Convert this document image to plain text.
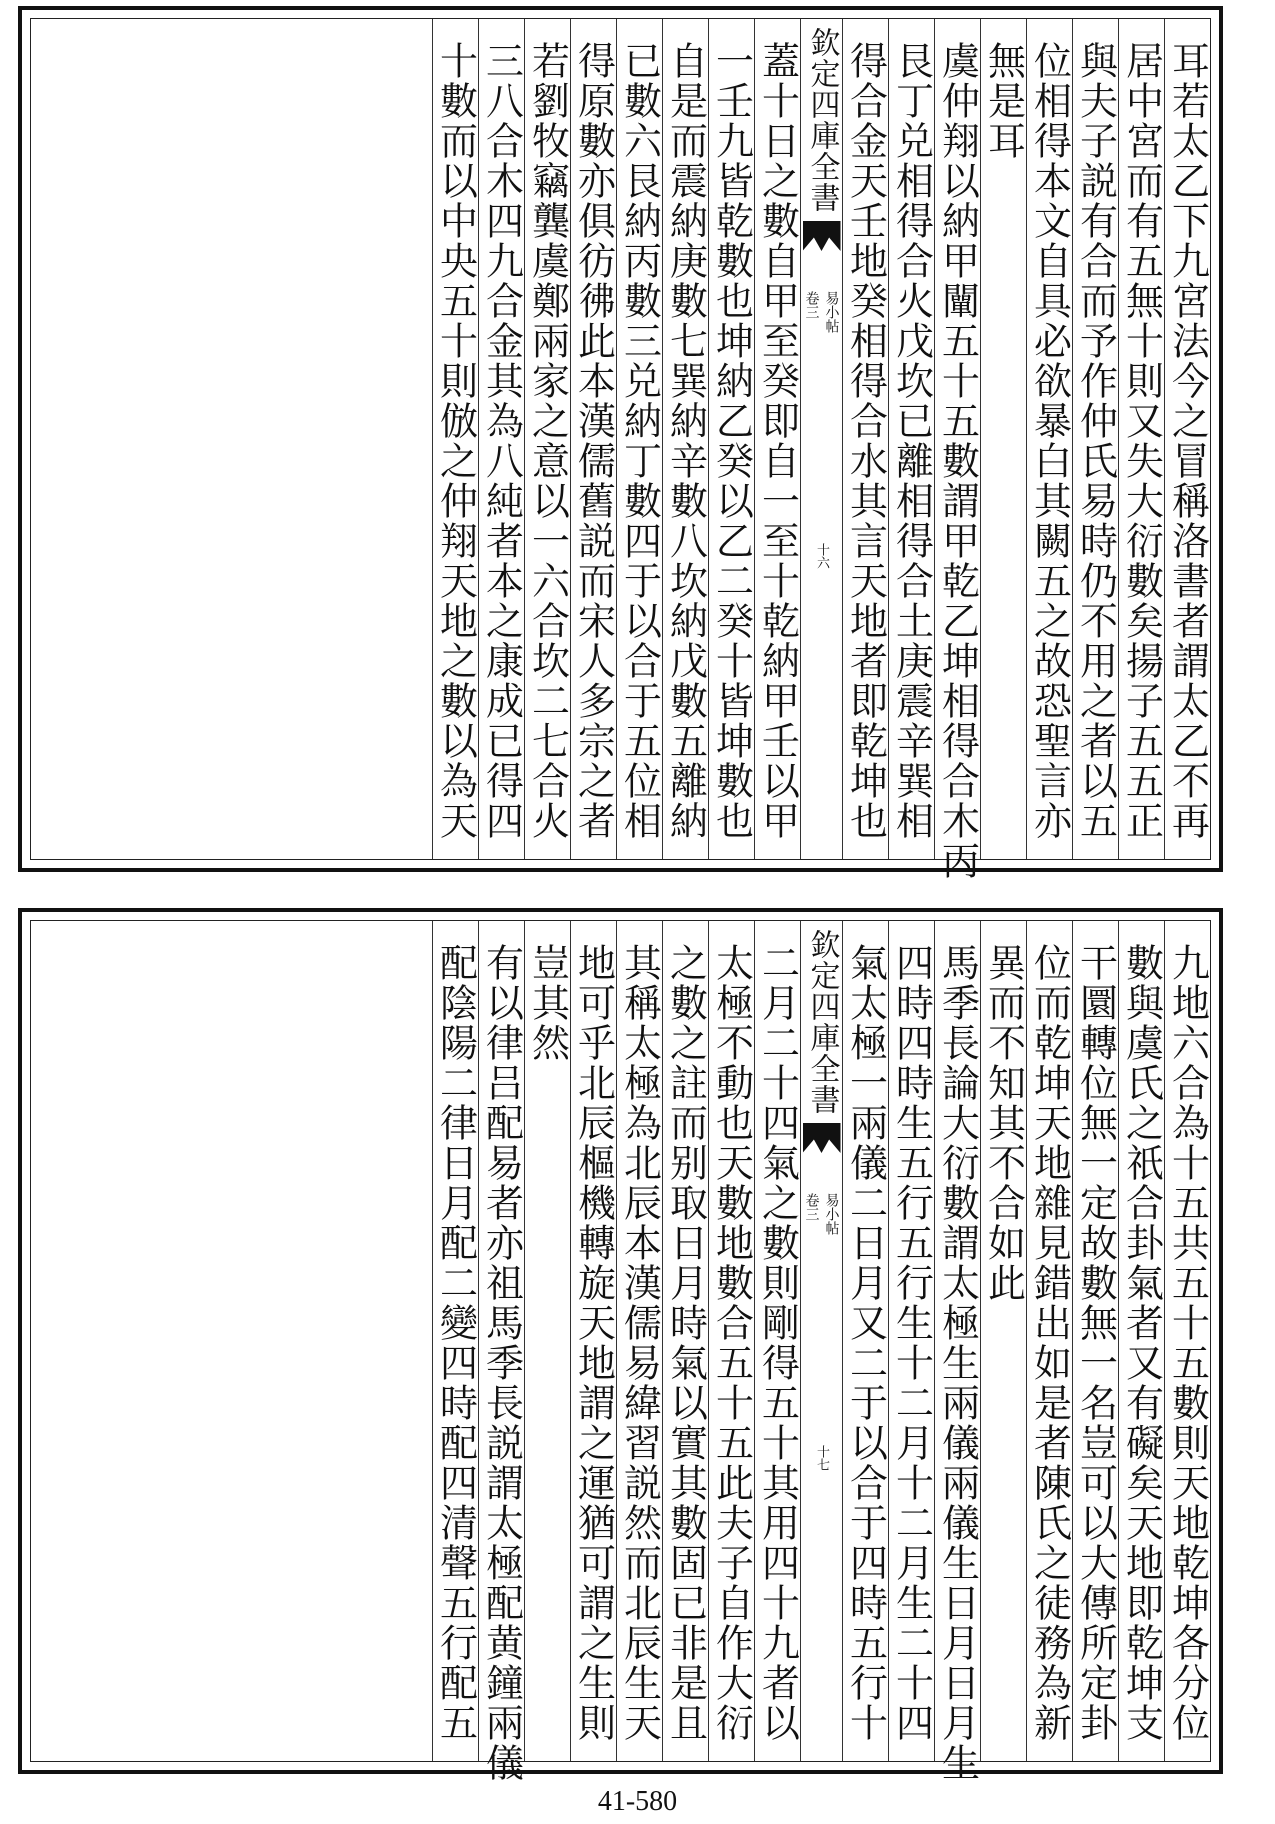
耳若太乙下九宮法今之冒稱洛書者謂太乙不再
居中宮而有五無十則又失大衍數矣揚子五五正
與夫子説有合而予作仲氏易時仍不用之者以五
位相得本文自具必欲暴白其闕五之故恐聖言亦
無是耳
虞仲翔以納甲闡五十五數謂甲乾乙坤相得合木丙
艮丁兑相得合火戊坎已離相得合土庚震辛巽相
得合金天壬地癸相得合水其言天地者即乾坤也
欽定四庫全書
易小帖
卷三
十六
蓋十日之數自甲至癸即自一至十乾納甲壬以甲
一壬九皆乾數也坤納乙癸以乙二癸十皆坤數也
自是而震納庚數七巽納辛數八坎納戊數五離納
已數六艮納丙數三兑納丁數四于以合于五位相
得原數亦俱彷彿此本漢儒舊説而宋人多宗之者
若劉牧竊龔虞鄭兩家之意以一六合坎二七合火
三八合木四九合金其為八純者本之康成已得四
十數而以中央五十則倣之仲翔天地之數以為天
九地六合為十五共五十五數則天地乾坤各分位
數與虞氏之祇合卦氣者又有礙矣天地即乾坤支
干圜轉位無一定故數無一名豈可以大傳所定卦
位而乾坤天地雜見錯出如是者陳氏之徒務為新
異而不知其不合如此
馬季長論大衍數謂太極生兩儀兩儀生日月日月生
四時四時生五行五行生十二月十二月生二十四
氣太極一兩儀二日月又二于以合于四時五行十
欽定四庫全書
易小帖
卷三
十七
二月二十四氣之數則剛得五十其用四十九者以
太極不動也天數地數合五十五此夫子自作大衍
之數之註而别取日月時氣以實其數固已非是且
其稱太極為北辰本漢儒易緯習説然而北辰生天
地可乎北辰樞機轉旋天地謂之運猶可謂之生則
豈其然
有以律吕配易者亦祖馬季長説謂太極配黄鐘兩儀
配陰陽二律日月配二變四時配四清聲五行配五
41-580
